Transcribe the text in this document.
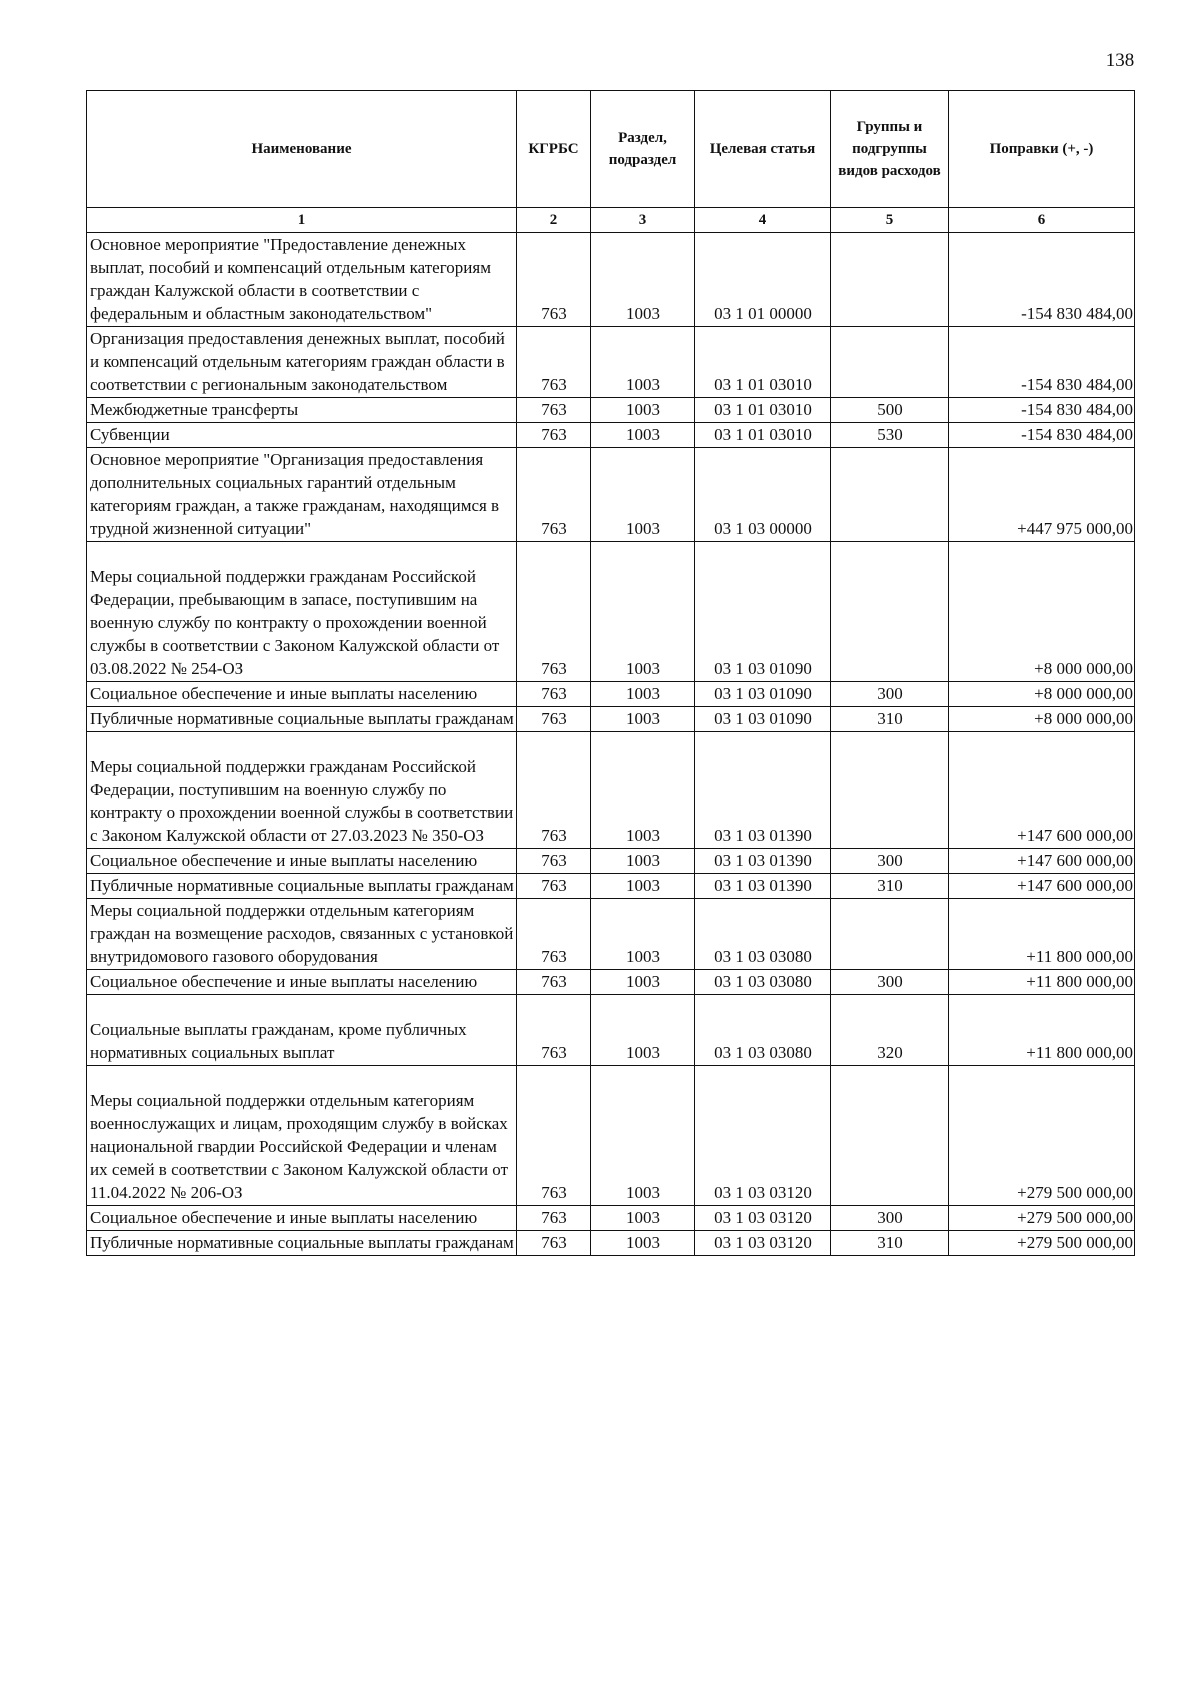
138
Наименование	КГРБС	Раздел, подраздел	Целевая статья	Группы и подгруппы видов расходов	Поправки (+, -)
1	2	3	4	5	6
Основное мероприятие "Предоставление денежных выплат, пособий и компенсаций отдельным категориям граждан Калужской области в соответствии с федеральным и областным законодательством"	763	1003	03 1 01 00000		-154 830 484,00
Организация предоставления денежных выплат, пособий и компенсаций отдельным категориям граждан области в соответствии с региональным законодательством	763	1003	03 1 01 03010		-154 830 484,00
Межбюджетные трансферты	763	1003	03 1 01 03010	500	-154 830 484,00
Субвенции	763	1003	03 1 01 03010	530	-154 830 484,00
Основное мероприятие "Организация предоставления дополнительных социальных гарантий отдельным категориям граждан, а также гражданам, находящимся в трудной жизненной ситуации"	763	1003	03 1 03 00000		+447 975 000,00
Меры социальной поддержки гражданам Российской Федерации, пребывающим в запасе, поступившим на военную службу по контракту о прохождении военной службы в соответствии с Законом Калужской области от 03.08.2022 № 254-ОЗ	763	1003	03 1 03 01090		+8 000 000,00
Социальное обеспечение и иные выплаты населению	763	1003	03 1 03 01090	300	+8 000 000,00
Публичные нормативные социальные выплаты гражданам	763	1003	03 1 03 01090	310	+8 000 000,00
Меры социальной поддержки гражданам Российской Федерации, поступившим на военную службу по контракту о прохождении военной службы в соответствии с Законом Калужской области от 27.03.2023 № 350-ОЗ	763	1003	03 1 03 01390		+147 600 000,00
Социальное обеспечение и иные выплаты населению	763	1003	03 1 03 01390	300	+147 600 000,00
Публичные нормативные социальные выплаты гражданам	763	1003	03 1 03 01390	310	+147 600 000,00
Меры социальной поддержки отдельным категориям граждан на возмещение расходов, связанных с установкой внутридомового газового оборудования	763	1003	03 1 03 03080		+11 800 000,00
Социальное обеспечение и иные выплаты населению	763	1003	03 1 03 03080	300	+11 800 000,00
Социальные выплаты гражданам, кроме публичных нормативных социальных выплат	763	1003	03 1 03 03080	320	+11 800 000,00
Меры социальной поддержки отдельным категориям военнослужащих и лицам, проходящим службу в войсках национальной гвардии Российской Федерации и членам их семей в соответствии с Законом Калужской области от 11.04.2022 № 206-ОЗ	763	1003	03 1 03 03120		+279 500 000,00
Социальное обеспечение и иные выплаты населению	763	1003	03 1 03 03120	300	+279 500 000,00
Публичные нормативные социальные выплаты гражданам	763	1003	03 1 03 03120	310	+279 500 000,00
